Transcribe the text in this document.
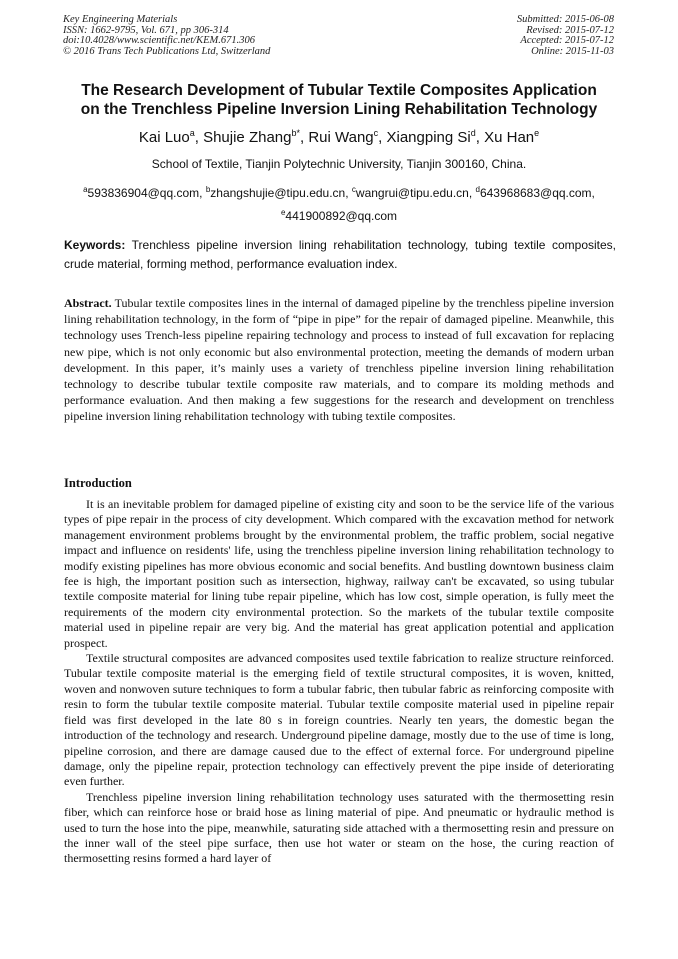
Key Engineering Materials
ISSN: 1662-9795, Vol. 671, pp 306-314
doi:10.4028/www.scientific.net/KEM.671.306
© 2016 Trans Tech Publications Ltd, Switzerland
Submitted: 2015-06-08
Revised: 2015-07-12
Accepted: 2015-07-12
Online: 2015-11-03
The Research Development of Tubular Textile Composites Application
on the Trenchless Pipeline Inversion Lining Rehabilitation Technology
Kai Luo$^a$, Shujie Zhang$^{b*}$, Rui Wang$^c$, Xiangping Si$^d$, Xu Han$^e$
School of Textile, Tianjin Polytechnic University, Tianjin 300160, China.
$^a$593836904@qq.com, $^b$zhangshujie@tipu.edu.cn, $^c$wangrui@tipu.edu.cn, $^d$643968683@qq.com,
$^e$441900892@qq.com
Keywords: Trenchless pipeline inversion lining rehabilitation technology, tubing textile composites, crude material, forming method, performance evaluation index.
Abstract. Tubular textile composites lines in the internal of damaged pipeline by the trenchless pipeline inversion lining rehabilitation technology, in the form of “pipe in pipe” for the repair of damaged pipeline. Meanwhile, this technology uses Trench-less pipeline repairing technology and process to instead of full excavation for replacing new pipe, which is not only economic but also environmental protection, meeting the demands of modern urban development. In this paper, it’s mainly uses a variety of trenchless pipeline inversion lining rehabilitation technology to describe tubular textile composite raw materials, and to compare its molding methods and performance evaluation. And then making a few suggestions for the research and development on trenchless pipeline inversion lining rehabilitation technology with tubing textile composites.
Introduction

It is an inevitable problem for damaged pipeline of existing city and soon to be the service life of the various types of pipe repair in the process of city development. Which compared with the excavation method for network management environment problems brought by the environmental problem, the traffic problem, social negative impact and influence on residents' life, using the trenchless pipeline inversion lining rehabilitation technology to modify existing pipelines has more obvious economic and social benefits. And bustling downtown business claim fee is high, the important position such as intersection, highway, railway can't be excavated, so using tubular textile composite material for lining tube repair pipeline, which has low cost, simple operation, is fully meet the requirements of the modern city environmental protection. So the markets of the tubular textile composite material used in pipeline repair are very big. And the material has great application potential and application prospect.

Textile structural composites are advanced composites used textile fabrication to realize structure reinforced. Tubular textile composite material is the emerging field of textile structural composites, it is woven, knitted, woven and nonwoven suture techniques to form a tubular fabric, then tubular fabric as reinforcing composite with resin to form the tubular textile composite material. Tubular textile composite material used in pipeline repair field was first developed in the late 80 s in foreign countries. Nearly ten years, the domestic began the introduction of the technology and research. Underground pipeline damage, mostly due to the use of time is long, pipeline corrosion, and there are damage caused due to the effect of external force. For underground pipeline damage, only the pipeline repair, protection technology can effectively prevent the pipe inside of deteriorating even further.

Trenchless pipeline inversion lining rehabilitation technology uses saturated with the thermosetting resin fiber, which can reinforce hose or braid hose as lining material of pipe. And pneumatic or hydraulic method is used to turn the hose into the pipe, meanwhile, saturating side attached with a thermosetting resin and pressure on the inner wall of the steel pipe surface, then use hot water or steam on the hose, the curing reaction of thermosetting resins formed a hard layer of
